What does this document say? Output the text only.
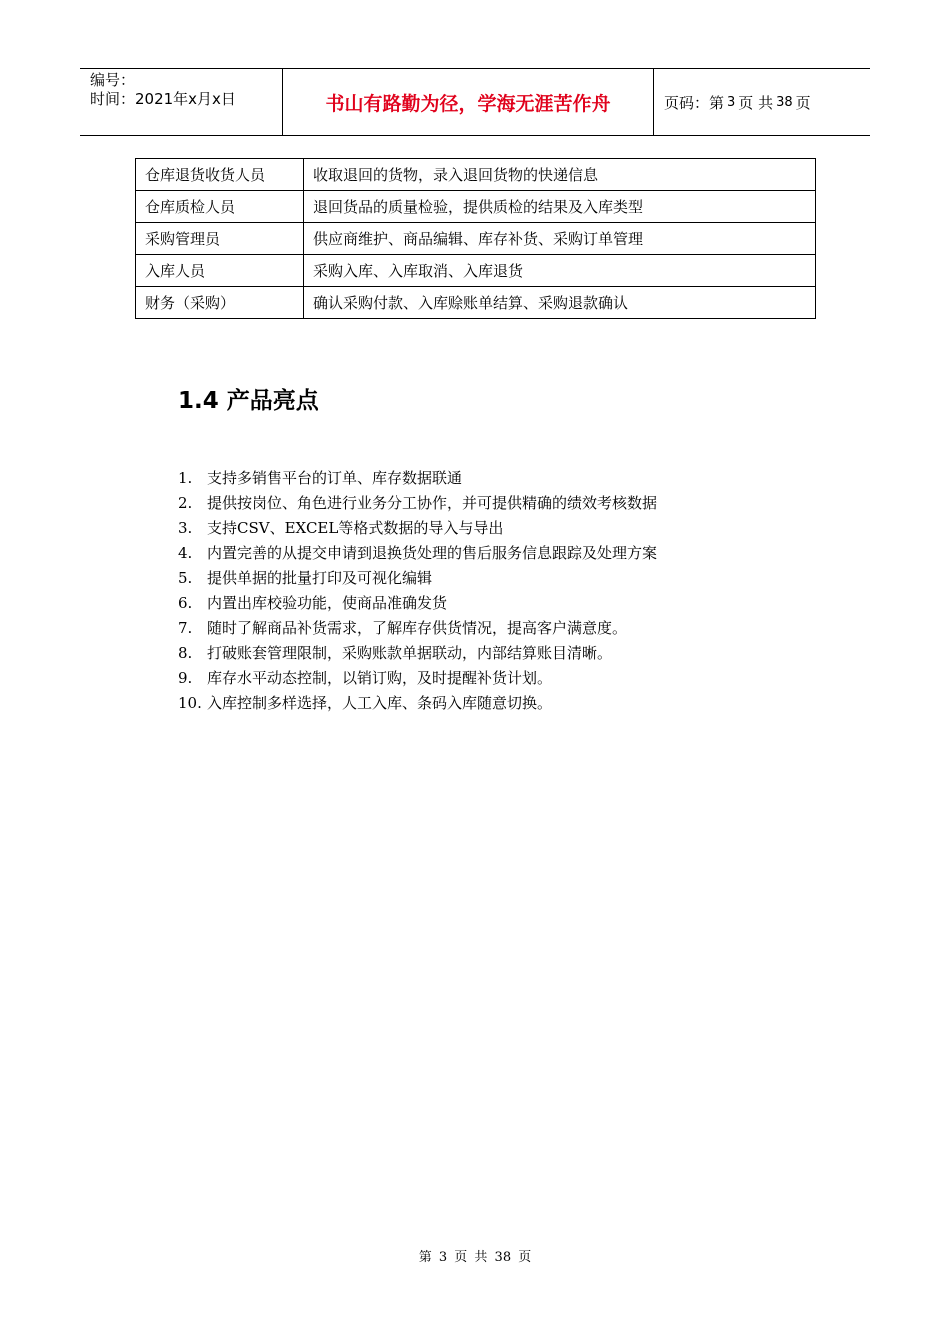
编号：
时间：2021年x月x日	书山有路勤为径，学海无涯苦作舟	页码：第 3 页 共 38 页
仓库退货收货人员	收取退回的货物，录入退回货物的快递信息
仓库质检人员	退回货品的质量检验，提供质检的结果及入库类型
采购管理员	供应商维护、商品编辑、库存补货、采购订单管理
入库人员	采购入库、入库取消、入库退货
财务（采购）	确认采购付款、入库赊账单结算、采购退款确认
1.4 产品亮点
1. 支持多销售平台的订单、库存数据联通
2. 提供按岗位、角色进行业务分工协作，并可提供精确的绩效考核数据
3. 支持CSV、EXCEL等格式数据的导入与导出
4. 内置完善的从提交申请到退换货处理的售后服务信息跟踪及处理方案
5. 提供单据的批量打印及可视化编辑
6. 内置出库校验功能，使商品准确发货
7. 随时了解商品补货需求，了解库存供货情况，提高客户满意度。
8. 打破账套管理限制，采购账款单据联动，内部结算账目清晰。
9. 库存水平动态控制，以销订购，及时提醒补货计划。
10. 入库控制多样选择，人工入库、条码入库随意切换。
第 3 页 共 38 页
